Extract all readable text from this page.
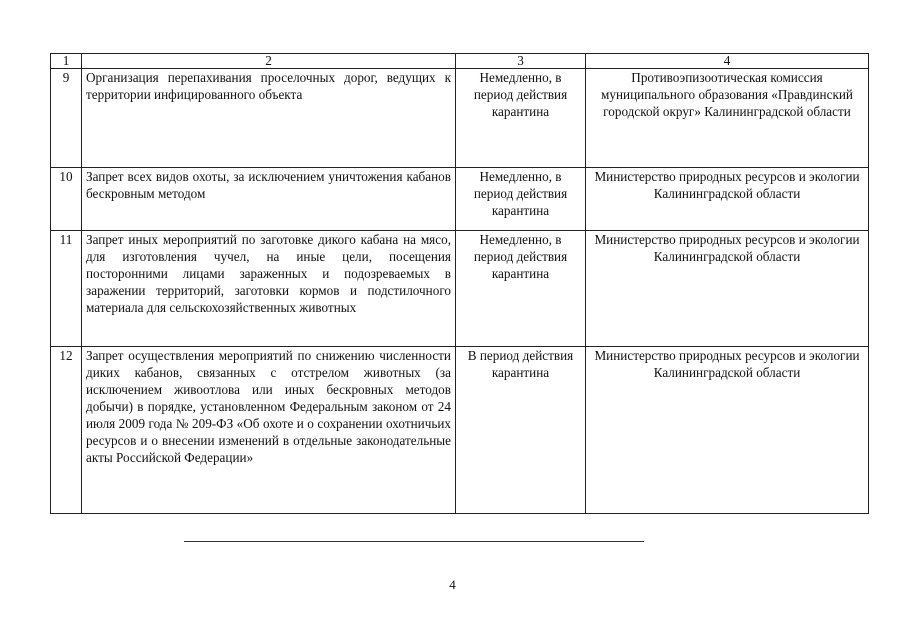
1	2	3	4
9	Организация перепахивания проселочных дорог, ведущих к территории инфицированного объекта	Немедленно, в период действия карантина	Противоэпизоотическая комиссия муниципального образования «Правдинский городской округ» Калининградской области
10	Запрет всех видов охоты, за исключением уничтожения кабанов бескровным методом	Немедленно, в период действия карантина	Министерство природных ресурсов и экологии Калининградской области
11	Запрет иных мероприятий по заготовке дикого кабана на мясо, для изготовления чучел, на иные цели, посещения посторонними лицами зараженных и подозреваемых в заражении территорий, заготовки кормов и подстилочного материала для сельскохозяйственных животных	Немедленно, в период действия карантина	Министерство природных ресурсов и экологии Калининградской области
12	Запрет осуществления мероприятий по снижению численности диких кабанов, связанных с отстрелом животных (за исключением живоотлова или иных бескровных методов добычи) в порядке, установленном Федеральным законом от 24 июля 2009 года № 209-ФЗ «Об охоте и о сохранении охотничьих ресурсов и о внесении изменений в отдельные законодательные акты Российской Федерации»	В период действия карантина	Министерство природных ресурсов и экологии Калининградской области
4
